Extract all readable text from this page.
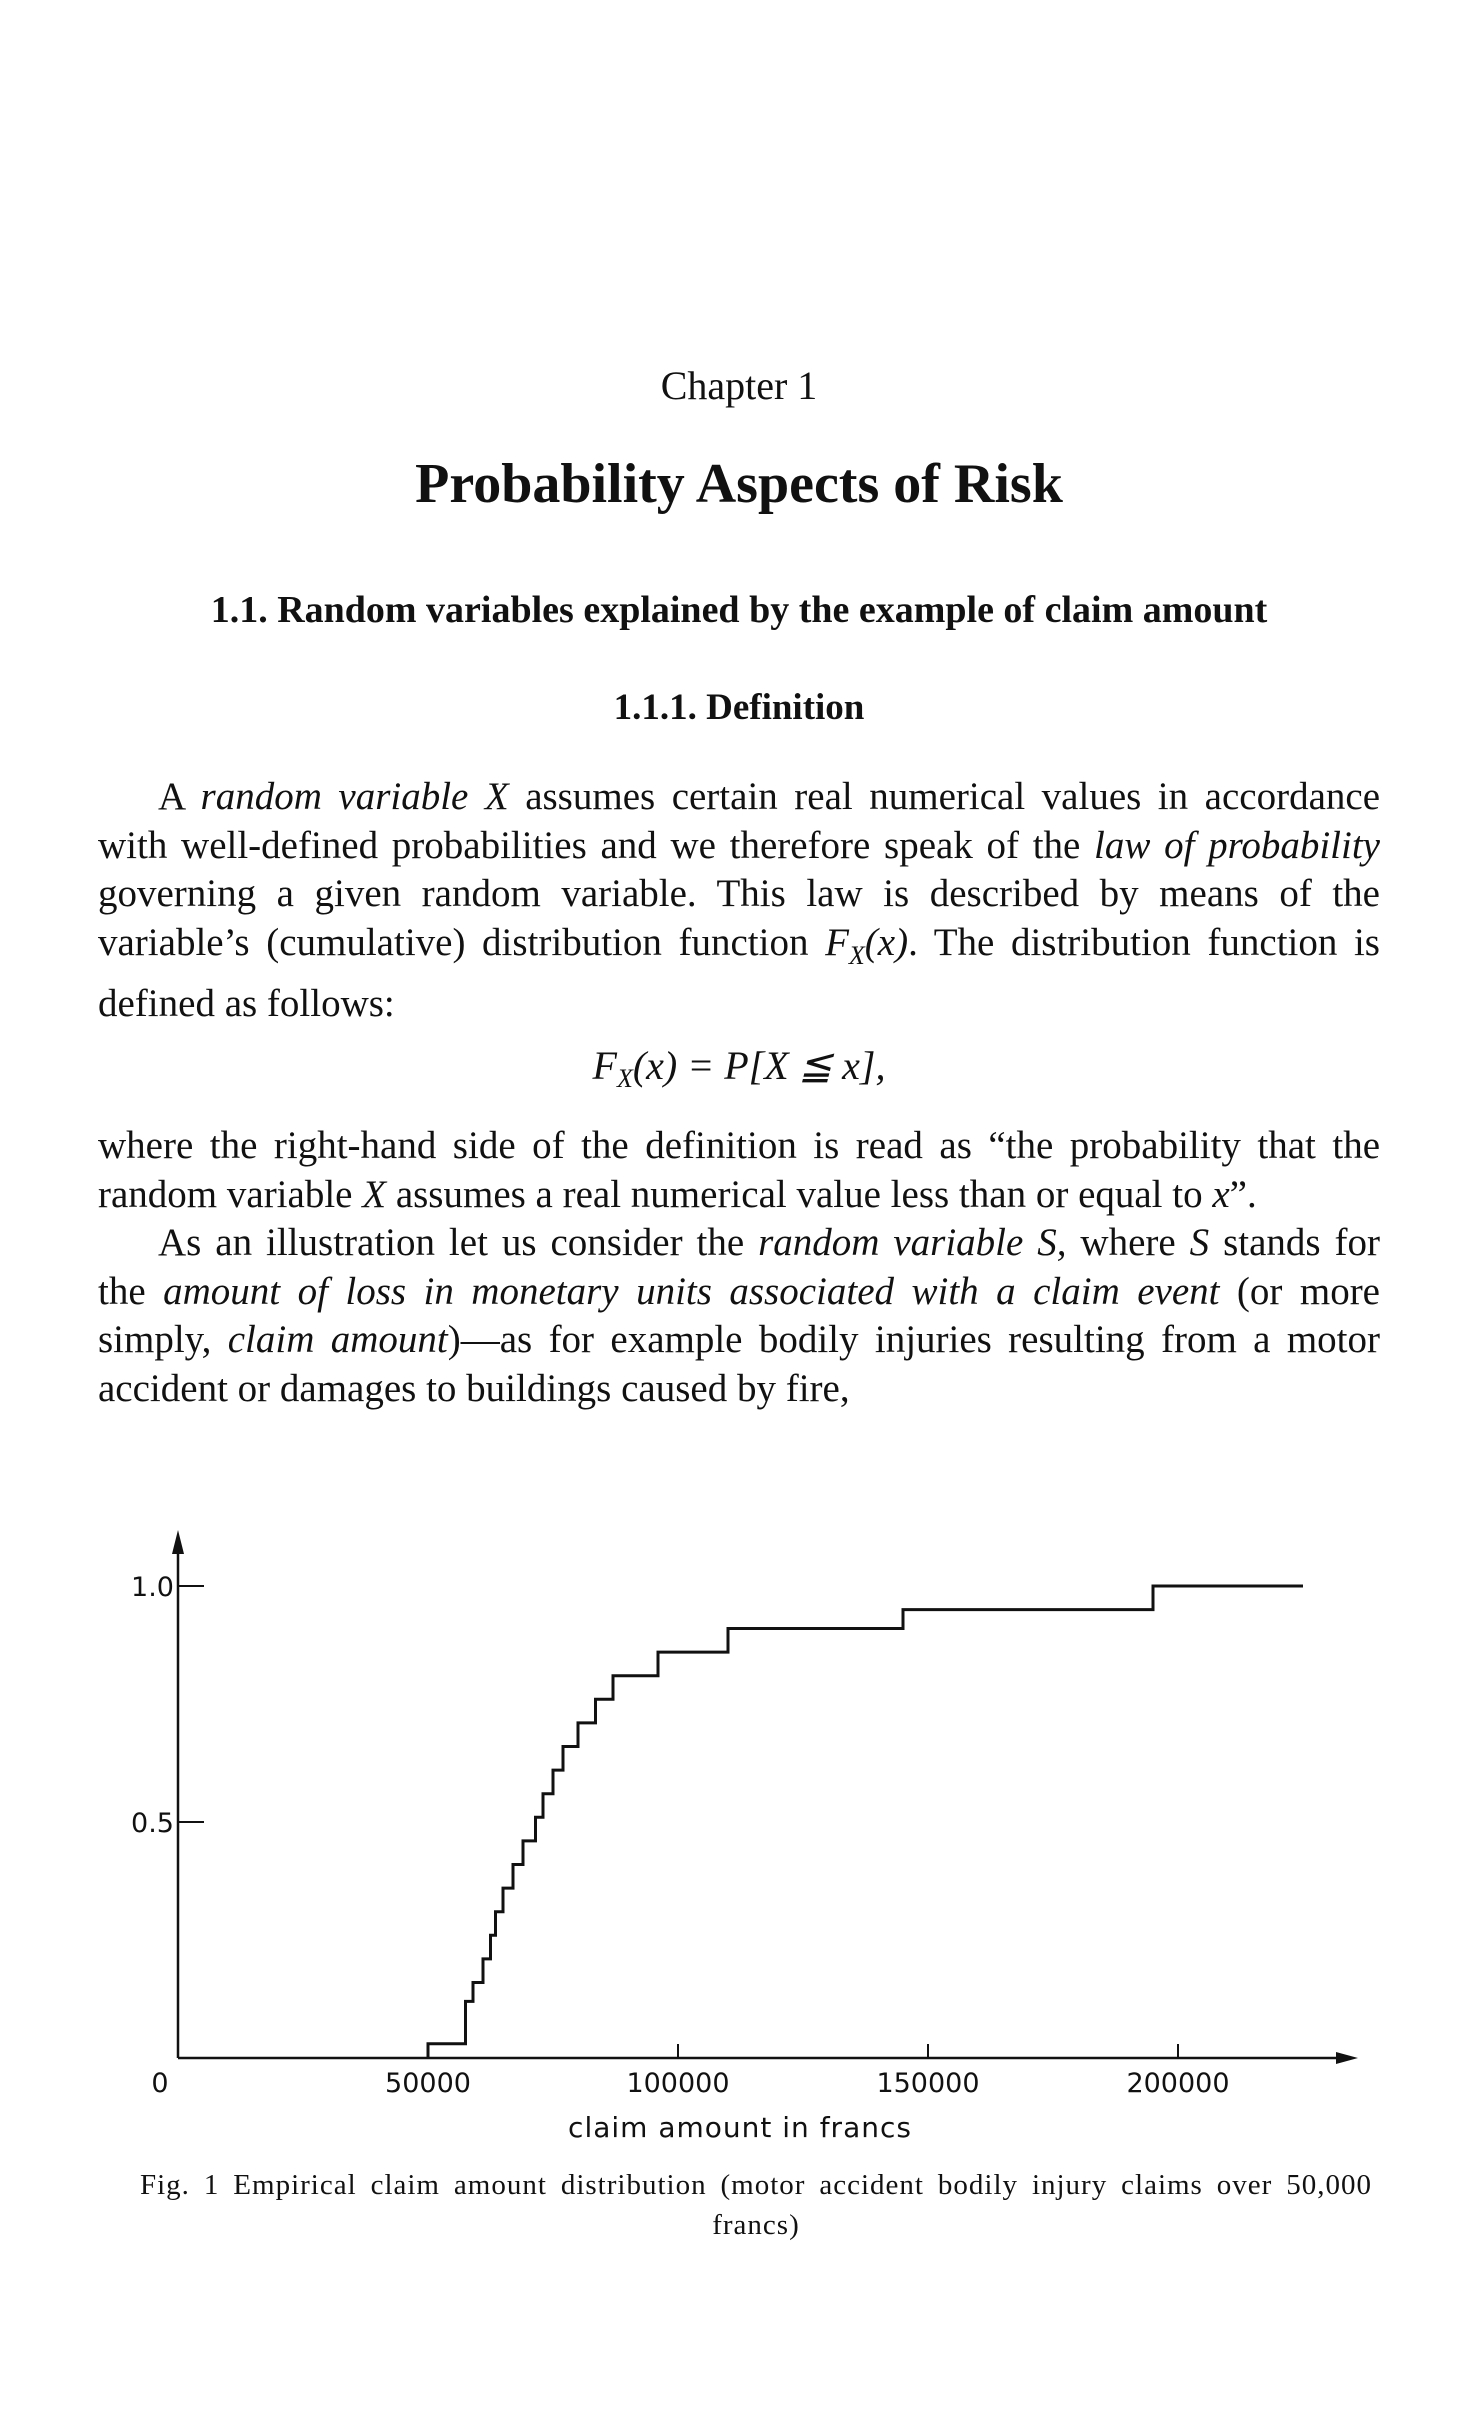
Chapter 1
Probability Aspects of Risk
1.1. Random variables explained by the example of claim amount
1.1.1. Definition

A random variable X assumes certain real numerical values in accordance with well-defined probabilities and we therefore speak of the law of probability governing a given random variable. This law is described by means of the variable’s (cumulative) distribution function $F_X(x)$. The distribution function is defined as follows:

$F_X(x) = P[X$ ≦ x],

where the right-hand side of the definition is read as “the probability that the random variable X assumes a real numerical value less than or equal to x”.

As an illustration let us consider the random variable S, where S stands for the amount of loss in monetary units associated with a claim event (or more simply, claim amount)—as for example bodily injuries resulting from a motor accident or damages to buildings caused by fire,

0	50000	100000	150000	200000
0.5
1.0
claim amount in francs
Fig. 1 Empirical claim amount distribution (motor accident bodily injury claims over 50,000 francs)
